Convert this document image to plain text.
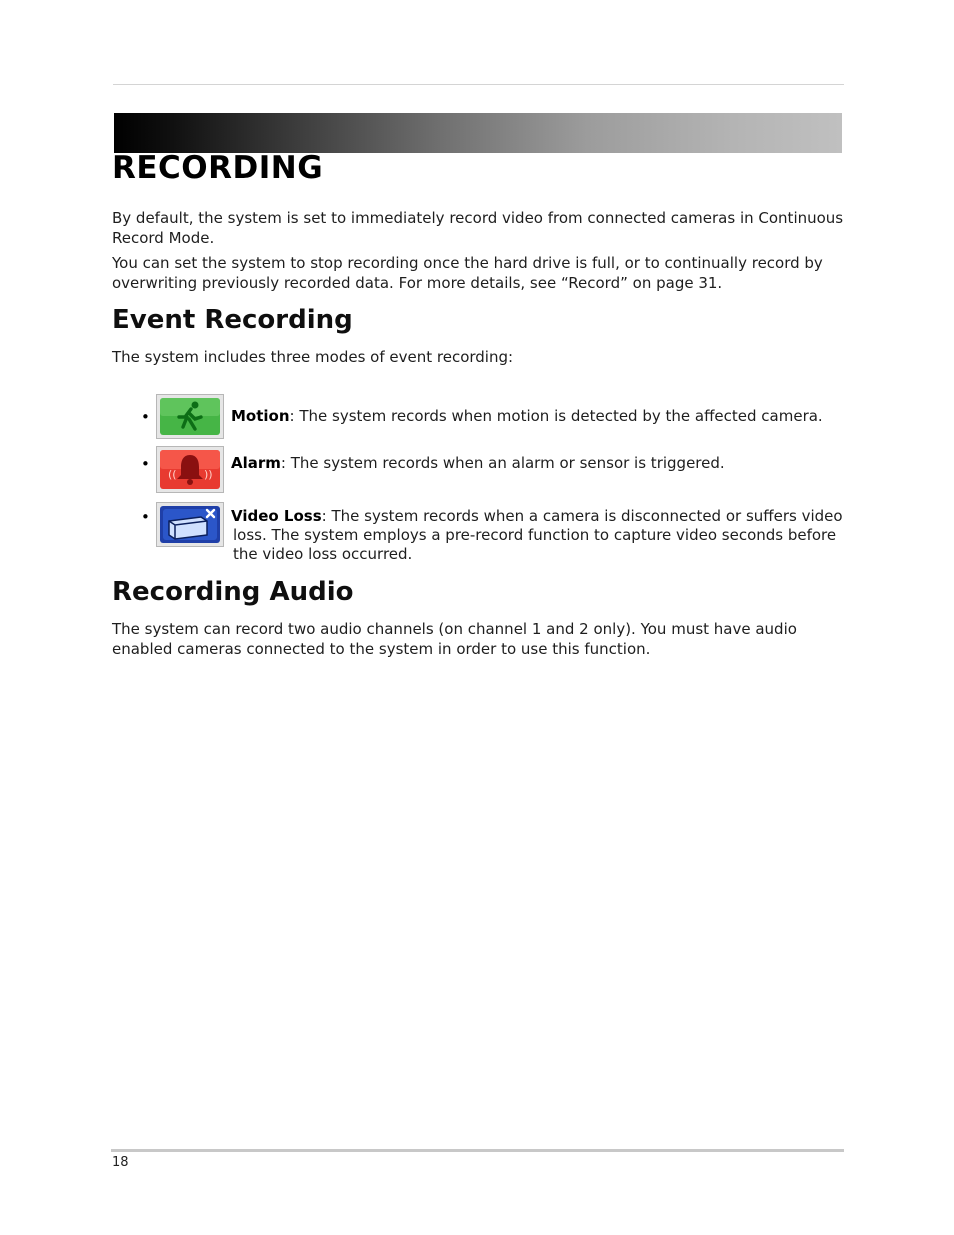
RECORDING

By default, the system is set to immediately record video from connected cameras in Continuous Record Mode.

You can set the system to stop recording once the hard drive is full, or to continually record by overwriting previously recorded data. For more details, see “Record” on page 31.

Event Recording

The system includes three modes of event recording:

•	Motion: The system records when motion is detected by the affected camera.

•
(( ))

Alarm: The system records when an alarm or sensor is triggered.

•	Video Loss: The system records when a camera is disconnected or suffers video
loss. The system employs a pre-record function to capture video seconds before the video loss occurred.

Recording Audio

The system can record two audio channels (on channel 1 and 2 only). You must have audio enabled cameras connected to the system in order to use this function.

18
